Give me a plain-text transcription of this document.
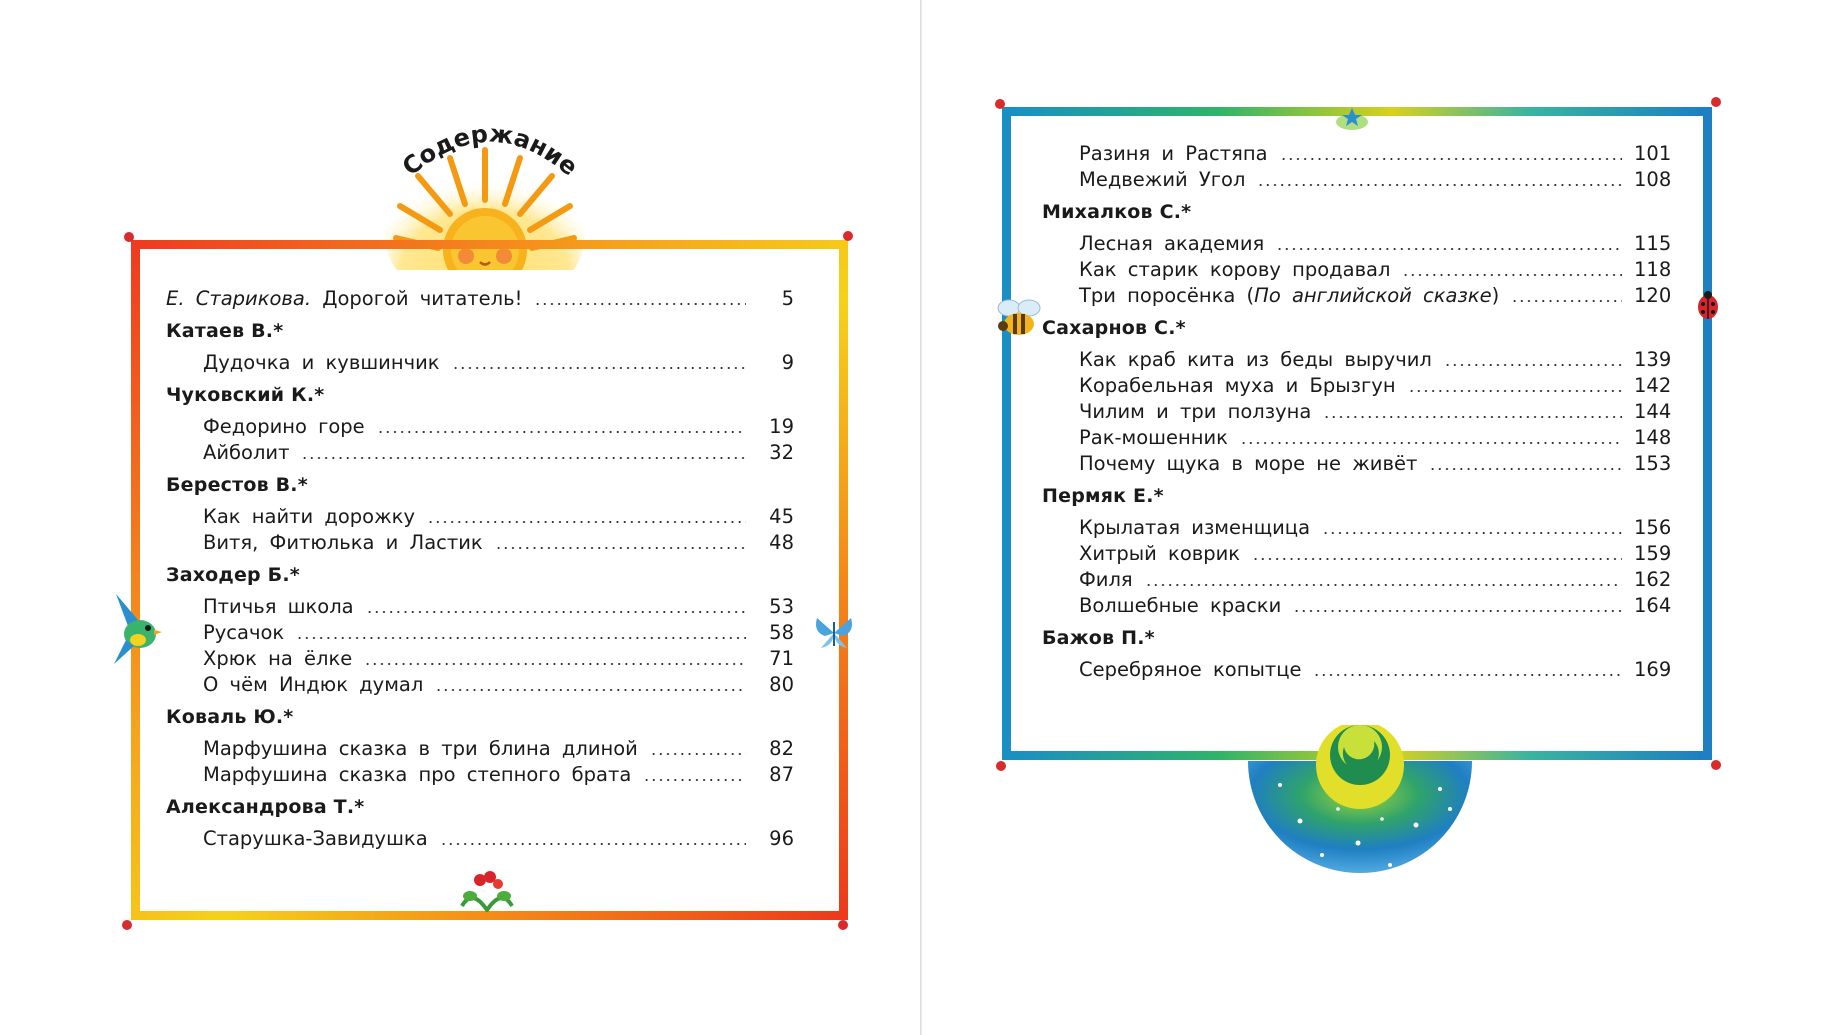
Содержание
Е. Старикова. Дорогой читатель!	5
Катаев В.*
Дудочка и кувшинчик	9
Чуковский К.*
Федорино горе	19
Айболит	32
Берестов В.*
Как найти дорожку	45
Витя, Фитюлька и Ластик	48
Заходер Б.*
Птичья школа	53
Русачок	58
Хрюк на ёлке	71
О чём Индюк думал	80
Коваль Ю.*
Марфушина сказка в три блина длиной	82
Марфушина сказка про степного брата	87
Александрова Т.*
Старушка-Завидушка	96
Разиня и Растяпа	101
Медвежий Угол	108
Михалков С.*
Лесная академия	115
Как старик корову продавал	118
Три поросёнка (По английской сказке)	120
Сахарнов С.*
Как краб кита из беды выручил	139
Корабельная муха и Брызгун	142
Чилим и три ползуна	144
Рак-мошенник	148
Почему щука в море не живёт	153
Пермяк Е.*
Крылатая изменщица	156
Хитрый коврик	159
Филя	162
Волшебные краски	164
Бажов П.*
Серебряное копытце	169
